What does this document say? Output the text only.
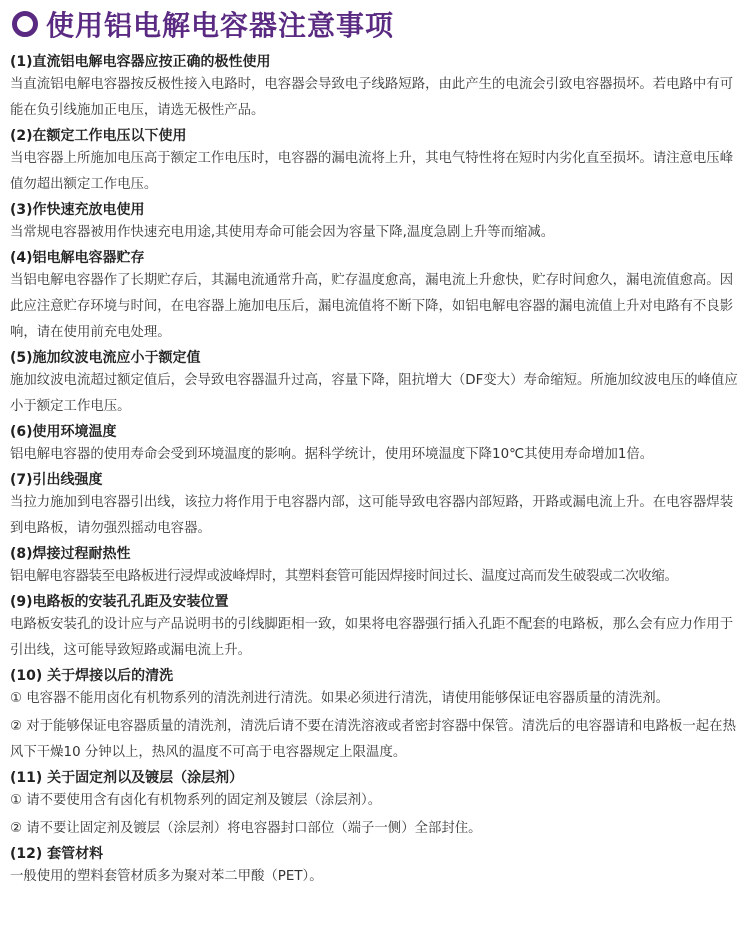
使用铝电解电容器注意事项
(1)直流铝电解电容器应按正确的极性使用
当直流铝电解电容器按反极性接入电路时，电容器会导致电子线路短路，由此产生的电流会引致电容器损坏。若电路中有可能在负引线施加正电压，请选无极性产品。
(2)在额定工作电压以下使用
当电容器上所施加电压高于额定工作电压时，电容器的漏电流将上升，其电气特性将在短时内劣化直至损坏。请注意电压峰值勿超出额定工作电压。
(3)作快速充放电使用
当常规电容器被用作快速充电用途,其使用寿命可能会因为容量下降,温度急剧上升等而缩减。
(4)铝电解电容器贮存
当铝电解电容器作了长期贮存后，其漏电流通常升高，贮存温度愈高，漏电流上升愈快，贮存时间愈久，漏电流值愈高。因此应注意贮存环境与时间，在电容器上施加电压后，漏电流值将不断下降，如铝电解电容器的漏电流值上升对电路有不良影响，请在使用前充电处理。
(5)施加纹波电流应小于额定值
施加纹波电流超过额定值后，会导致电容器温升过高，容量下降，阻抗增大（DF变大）寿命缩短。所施加纹波电压的峰值应小于额定工作电压。
(6)使用环境温度
铝电解电容器的使用寿命会受到环境温度的影响。据科学统计，使用环境温度下降10℃其使用寿命增加1倍。
(7)引出线强度
当拉力施加到电容器引出线，该拉力将作用于电容器内部，这可能导致电容器内部短路，开路或漏电流上升。在电容器焊装到电路板，请勿强烈摇动电容器。
(8)焊接过程耐热性
铝电解电容器装至电路板进行浸焊或波峰焊时，其塑料套管可能因焊接时间过长、温度过高而发生破裂或二次收缩。
(9)电路板的安装孔孔距及安装位置
电路板安装孔的设计应与产品说明书的引线脚距相一致，如果将电容器强行插入孔距不配套的电路板，那么会有应力作用于引出线，这可能导致短路或漏电流上升。
(10) 关于焊接以后的清洗
① 电容器不能用卤化有机物系列的清洗剂进行清洗。如果必须进行清洗，请使用能够保证电容器质量的清洗剂。
② 对于能够保证电容器质量的清洗剂，清洗后请不要在清洗溶液或者密封容器中保管。清洗后的电容器请和电路板一起在热风下干燥10 分钟以上，热风的温度不可高于电容器规定上限温度。
(11) 关于固定剂以及镀层（涂层剂）
① 请不要使用含有卤化有机物系列的固定剂及镀层（涂层剂）。
② 请不要让固定剂及镀层（涂层剂）将电容器封口部位（端子一侧）全部封住。
(12) 套管材料
一般使用的塑料套管材质多为聚对苯二甲酸（PET）。
